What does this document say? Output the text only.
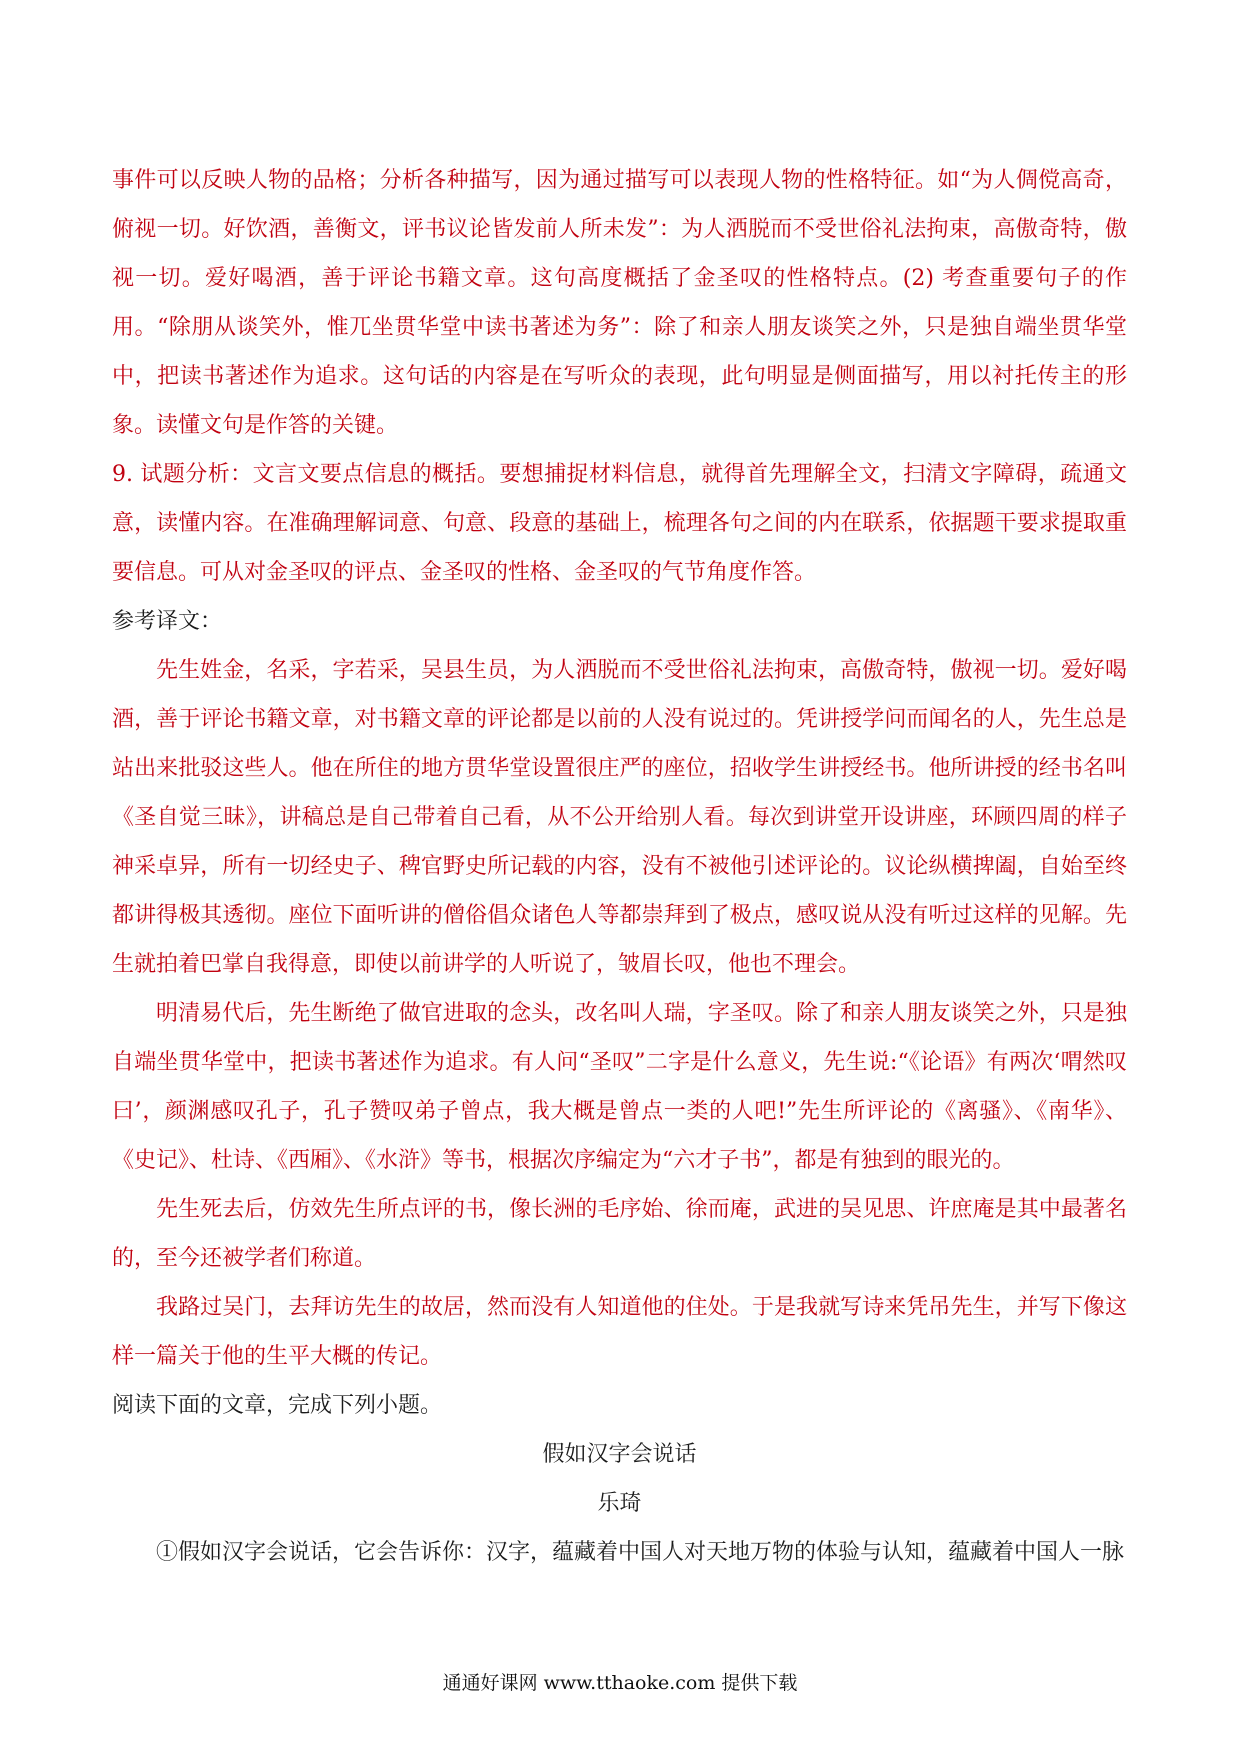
事件可以反映人物的品格；分析各种描写，因为通过描写可以表现人物的性格特征。如“为人倜傥高奇，俯视一切。好饮酒，善衡文，评书议论皆发前人所未发”：为人洒脱而不受世俗礼法拘束，高傲奇特，傲视一切。爱好喝酒，善于评论书籍文章。这句高度概括了金圣叹的性格特点。(2) 考查重要句子的作用。“除朋从谈笑外，惟兀坐贯华堂中读书著述为务”：除了和亲人朋友谈笑之外，只是独自端坐贯华堂中，把读书著述作为追求。这句话的内容是在写听众的表现，此句明显是侧面描写，用以衬托传主的形象。读懂文句是作答的关键。

9. 试题分析：文言文要点信息的概括。要想捕捉材料信息，就得首先理解全文，扫清文字障碍，疏通文意，读懂内容。在准确理解词意、句意、段意的基础上，梳理各句之间的内在联系，依据题干要求提取重要信息。可从对金圣叹的评点、金圣叹的性格、金圣叹的气节角度作答。

参考译文：

先生姓金，名采，字若采，吴县生员，为人洒脱而不受世俗礼法拘束，高傲奇特，傲视一切。爱好喝酒，善于评论书籍文章，对书籍文章的评论都是以前的人没有说过的。凭讲授学问而闻名的人，先生总是站出来批驳这些人。他在所住的地方贯华堂设置很庄严的座位，招收学生讲授经书。他所讲授的经书名叫《圣自觉三昧》，讲稿总是自己带着自己看，从不公开给别人看。每次到讲堂开设讲座，环顾四周的样子神采卓异，所有一切经史子、稗官野史所记载的内容，没有不被他引述评论的。议论纵横捭阖，自始至终都讲得极其透彻。座位下面听讲的僧俗倡众诸色人等都崇拜到了极点，感叹说从没有听过这样的见解。先生就拍着巴掌自我得意，即使以前讲学的人听说了，皱眉长叹，他也不理会。

明清易代后，先生断绝了做官进取的念头，改名叫人瑞，字圣叹。除了和亲人朋友谈笑之外，只是独自端坐贯华堂中，把读书著述作为追求。有人问“圣叹”二字是什么意义，先生说:“《论语》有两次‘喟然叹曰’，颜渊感叹孔子，孔子赞叹弟子曾点，我大概是曾点一类的人吧!”先生所评论的《离骚》、《南华》、《史记》、杜诗、《西厢》、《水浒》等书，根据次序编定为“六才子书”，都是有独到的眼光的。

先生死去后，仿效先生所点评的书，像长洲的毛序始、徐而庵，武进的吴见思、许庶庵是其中最著名的，至今还被学者们称道。

我路过吴门，去拜访先生的故居，然而没有人知道他的住处。于是我就写诗来凭吊先生，并写下像这样一篇关于他的生平大概的传记。

阅读下面的文章，完成下列小题。

假如汉字会说话

乐琦

①假如汉字会说话，它会告诉你：汉字，蕴藏着中国人对天地万物的体验与认知，蕴藏着中国人一脉

通通好课网 www.tthaoke.com 提供下载
